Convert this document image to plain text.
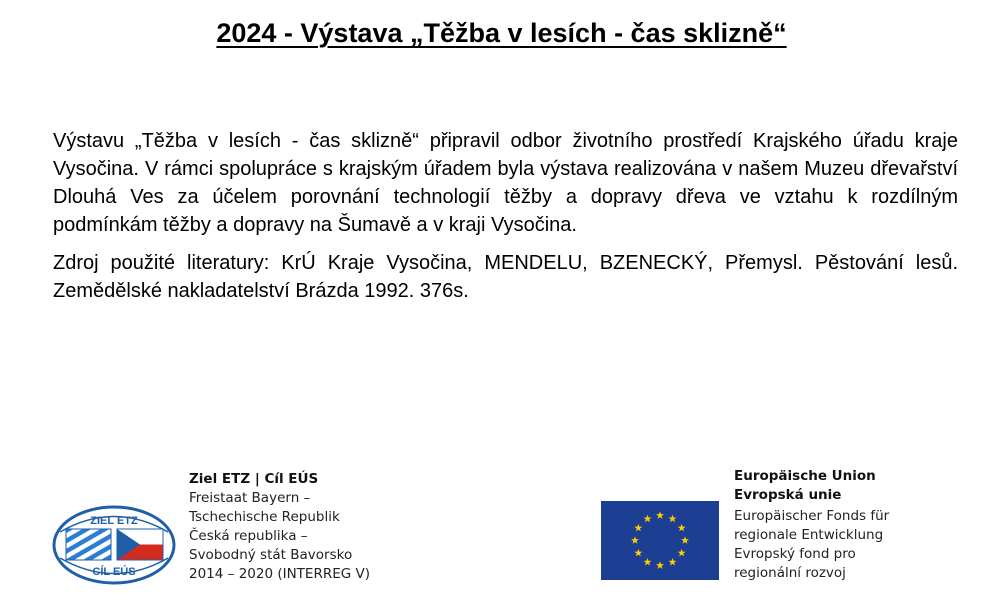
2024 - Výstava „Těžba v lesích - čas sklizně“

Výstavu „Těžba v lesích - čas sklizně“ připravil odbor životního prostředí Krajského úřadu kraje Vysočina. V rámci spolupráce s krajským úřadem byla výstava realizována v našem Muzeu dřevařství Dlouhá Ves za účelem porovnání technologií těžby a dopravy dřeva ve vztahu k rozdílným podmínkám těžby a dopravy na Šumavě a v kraji Vysočina.

Zdroj použité literatury: KrÚ Kraje Vysočina, MENDELU, BZENECKÝ, Přemysl. Pěstování lesů. Zemědělské nakladatelství Brázda 1992. 376s.

ZIEL ETZ
CÍL EÚS
Ziel ETZ | Cíl EÚS
Freistaat Bayern –
Tschechische Republik
Česká republika –
Svobodný stát Bavorsko
2014 – 2020 (INTERREG V)
Europäische Union
Evropská unie
Europäischer Fonds für
regionale Entwicklung
Evropský fond pro
regionální rozvoj
